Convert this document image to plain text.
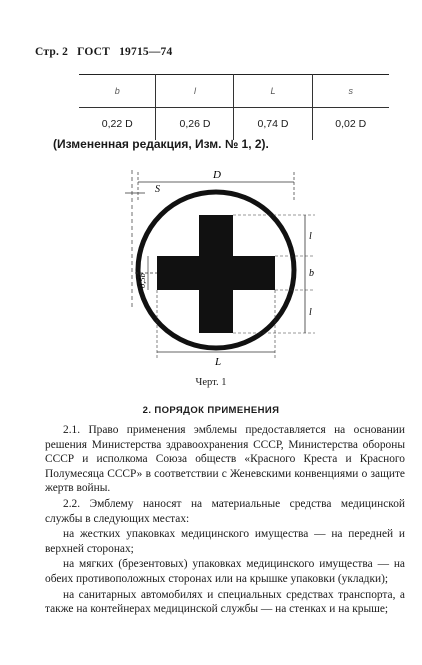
Стр. 2 ГОСТ 19715—74
b	l	L	s
0,22 D	0,26 D	0,74 D	0,02 D
(Измененная редакция, Изм. № 1, 2).
D
S
l
b
l
0,5b
L
Черт. 1
2. ПОРЯДОК ПРИМЕНЕНИЯ

2.1. Право применения эмблемы предоставляется на основании решения Министерства здравоохранения СССР, Министерства обороны СССР и исполкома Союза обществ «Красного Креста и Красного Полумесяца СССР» в соответствии с Женевскими конвенциями о защите жертв войны.

2.2. Эмблему наносят на материальные средства медицинской службы в следующих местах:

на жестких упаковках медицинского имущества — на передней и верхней сторонах;

на мягких (брезентовых) упаковках медицинского имущества — на обеих противоположных сторонах или на крышке упаковки (укладки);

на санитарных автомобилях и специальных средствах транспорта, а также на контейнерах медицинской службы — на стенках и на крыше;
